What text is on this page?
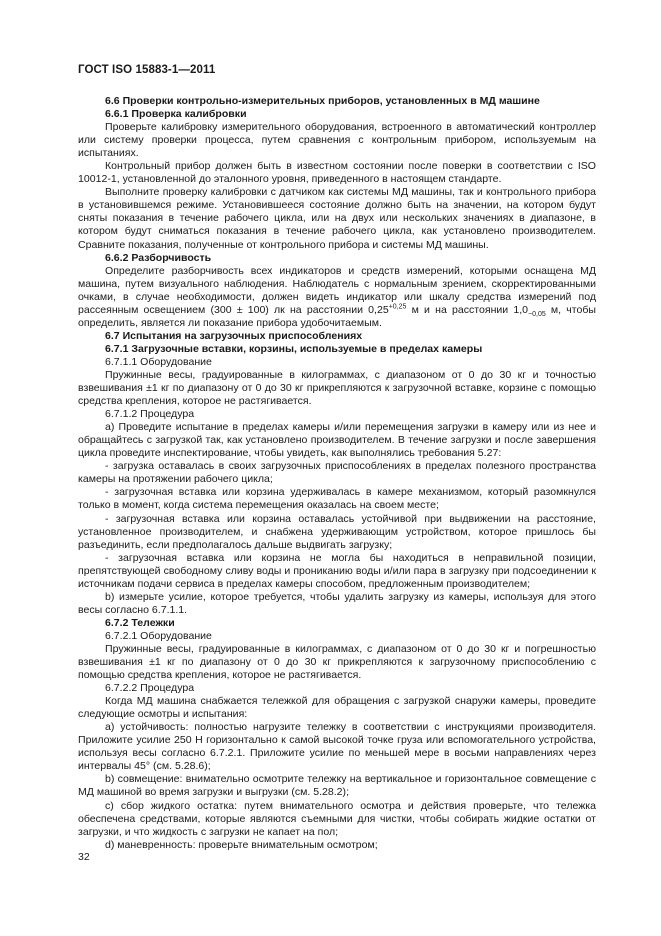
ГОСТ ISO 15883-1—2011
6.6 Проверки контрольно-измерительных приборов, установленных в МД машине
6.6.1 Проверка калибровки

Проверьте калибровку измерительного оборудования, встроенного в автоматический контроллер или систему проверки процесса, путем сравнения с контрольным прибором, используемым на испытаниях.

Контрольный прибор должен быть в известном состоянии после поверки в соответствии с ISO 10012-1, установленной до эталонного уровня, приведенного в настоящем стандарте.

Выполните проверку калибровки с датчиком как системы МД машины, так и контрольного прибора в установившемся режиме. Установившееся состояние должно быть на значении, на котором будут сняты показания в течение рабочего цикла, или на двух или нескольких значениях в диапазоне, в котором будут сниматься показания в течение рабочего цикла, как установлено производителем. Сравните показания, полученные от контрольного прибора и системы МД машины.

6.6.2 Разборчивость

Определите разборчивость всех индикаторов и средств измерений, которыми оснащена МД машина, путем визуального наблюдения. Наблюдатель с нормальным зрением, скорректированными очками, в случае необходимости, должен видеть индикатор или шкалу средства измерений под рассеянным освещением (300 ± 100) лк на расстоянии $0,25^{+0,25}$ м и на расстоянии $1,0_{-0,05}$ м, чтобы определить, является ли показание прибора удобочитаемым.

6.7 Испытания на загрузочных приспособлениях
6.7.1 Загрузочные вставки, корзины, используемые в пределах камеры

6.7.1.1 Оборудование

Пружинные весы, градуированные в килограммах, с диапазоном от 0 до 30 кг и точностью взвешивания ±1 кг по диапазону от 0 до 30 кг прикрепляются к загрузочной вставке, корзине с помощью средства крепления, которое не растягивается.

6.7.1.2 Процедура

а) Проведите испытание в пределах камеры и/или перемещения загрузки в камеру или из нее и обращайтесь с загрузкой так, как установлено производителем. В течение загрузки и после завершения цикла проведите инспектирование, чтобы увидеть, как выполнялись требования 5.27:

- загрузка оставалась в своих загрузочных приспособлениях в пределах полезного пространства камеры на протяжении рабочего цикла;

- загрузочная вставка или корзина удерживалась в камере механизмом, который разомкнулся только в момент, когда система перемещения оказалась на своем месте;

- загрузочная вставка или корзина оставалась устойчивой при выдвижении на расстояние, установленное производителем, и снабжена удерживающим устройством, которое пришлось бы разъединить, если предполагалось дальше выдвигать загрузку;

- загрузочная вставка или корзина не могла бы находиться в неправильной позиции, препятствующей свободному сливу воды и прониканию воды и/или пара в загрузку при подсоединении к источникам подачи сервиса в пределах камеры способом, предложенным производителем;

b) измерьте усилие, которое требуется, чтобы удалить загрузку из камеры, используя для этого весы согласно 6.7.1.1.

6.7.2 Тележки

6.7.2.1 Оборудование

Пружинные весы, градуированные в килограммах, с диапазоном от 0 до 30 кг и погрешностью взвешивания ±1 кг по диапазону от 0 до 30 кг прикрепляются к загрузочному приспособлению с помощью средства крепления, которое не растягивается.

6.7.2.2 Процедура

Когда МД машина снабжается тележкой для обращения с загрузкой снаружи камеры, проведите следующие осмотры и испытания:

а) устойчивость: полностью нагрузите тележку в соответствии с инструкциями производителя. Приложите усилие 250 Н горизонтально к самой высокой точке груза или вспомогательного устройства, используя весы согласно 6.7.2.1. Приложите усилие по меньшей мере в восьми направлениях через интервалы 45° (см. 5.28.6);

b) совмещение: внимательно осмотрите тележку на вертикальное и горизонтальное совмещение с МД машиной во время загрузки и выгрузки (см. 5.28.2);

с) сбор жидкого остатка: путем внимательного осмотра и действия проверьте, что тележка обеспечена средствами, которые являются съемными для чистки, чтобы собирать жидкие остатки от загрузки, и что жидкость с загрузки не капает на пол;

d) маневренность: проверьте внимательным осмотром;

32
